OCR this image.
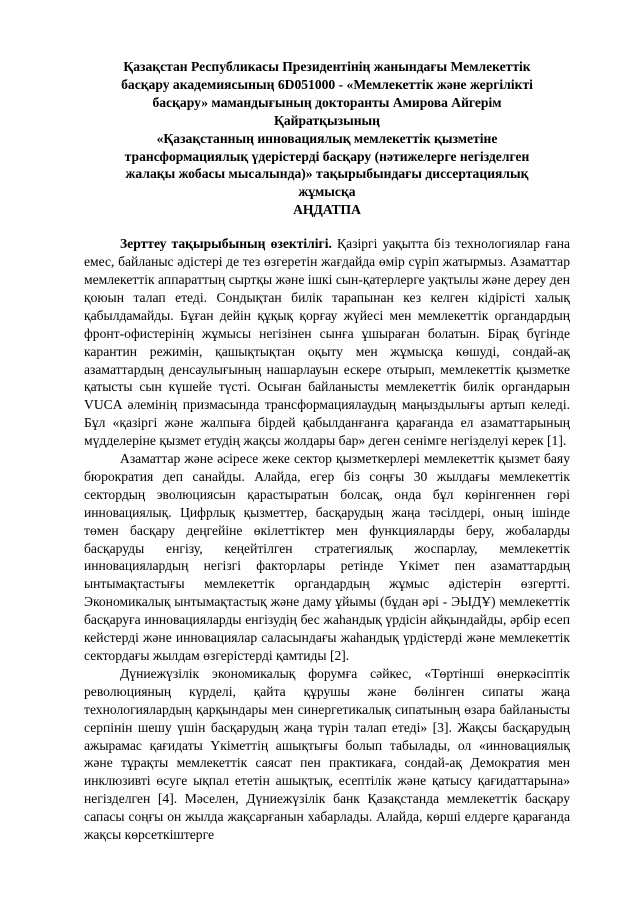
Қазақстан Республикасы Президентінің жанындағы Мемлекеттік
басқару академиясының 6D051000 - «Мемлекеттік және жергілікті
басқару» мамандығының докторанты Амирова Айгерім
Қайратқызының
«Қазақстанның инновациялық мемлекеттік қызметіне
трансформациялық үдерістерді басқару (нәтижелерге негізделген
жалақы жобасы мысалында)» тақырыбындағы диссертациялық
жұмысқа
АҢДАТПА

Зерттеу тақырыбының өзектілігі. Қазіргі уақытта біз технологиялар ғана емес, байланыс әдістері де тез өзгеретін жағдайда өмір сүріп жатырмыз. Азаматтар мемлекеттік аппараттың сыртқы және ішкі сын-қатерлерге уақтылы және дереу ден қоюын талап етеді. Сондықтан билік тарапынан кез келген кідірісті халық қабылдамайды. Бұған дейін құқық қорғау жүйесі мен мемлекеттік органдардың фронт-офистерінің жұмысы негізінен сынға ұшыраған болатын. Бірақ бүгінде карантин режимін, қашықтықтан оқыту мен жұмысқа көшуді, сондай-ақ азаматтардың денсаулығының нашарлауын ескере отырып, мемлекеттік қызметке қатысты сын күшейе түсті. Осыған байланысты мемлекеттік билік органдарын VUCA әлемінің призмасында трансформациялаудың маңыздылығы артып келеді. Бұл «қазіргі және жалпыға бірдей қабылданғанға қарағанда ел азаматтарының мүдделеріне қызмет етудің жақсы жолдары бар» деген сенімге негізделуі керек [1].

Азаматтар және әсіресе жеке сектор қызметкерлері мемлекеттік қызмет баяу бюрократия деп санайды. Алайда, егер біз соңғы 30 жылдағы мемлекеттік сектордың эволюциясын қарастыратын болсақ, онда бұл көрінгеннен гөрі инновациялық. Цифрлық қызметтер, басқарудың жаңа тәсілдері, оның ішінде төмен басқару деңгейіне өкілеттіктер мен функцияларды беру, жобаларды басқаруды енгізу, кеңейтілген стратегиялық жоспарлау, мемлекеттік инновациялардың негізгі факторлары ретінде Үкімет пен азаматтардың ынтымақтастығы мемлекеттік органдардың жұмыс әдістерін өзгертті. Экономикалық ынтымақтастық және даму ұйымы (бұдан әрі - ЭЫДҰ) мемлекеттік басқаруға инновацияларды енгізудің бес жаһандық үрдісін айқындайды, әрбір есеп кейстерді және инновациялар саласындағы жаһандық үрдістерді және мемлекеттік сектордағы жылдам өзгерістерді қамтиды [2].

Дүниежүзілік экономикалық форумға сәйкес, «Төртінші өнеркәсіптік революцияның күрделі, қайта құрушы және бөлінген сипаты жаңа технологиялардың қарқындары мен синергетикалық сипатының өзара байланысты серпінін шешу үшін басқарудың жаңа түрін талап етеді» [3]. Жақсы басқарудың ажырамас қағидаты Үкіметтің ашықтығы болып табылады, ол «инновациялық және тұрақты мемлекеттік саясат пен практикаға, сондай-ақ Демократия мен инклюзивті өсуге ықпал ететін ашықтық, есептілік және қатысу қағидаттарына» негізделген [4]. Мәселен, Дүниежүзілік банк Қазақстанда мемлекеттік басқару сапасы соңғы он жылда жақсарғанын хабарлады. Алайда, көрші елдерге қарағанда жақсы көрсеткіштерге
